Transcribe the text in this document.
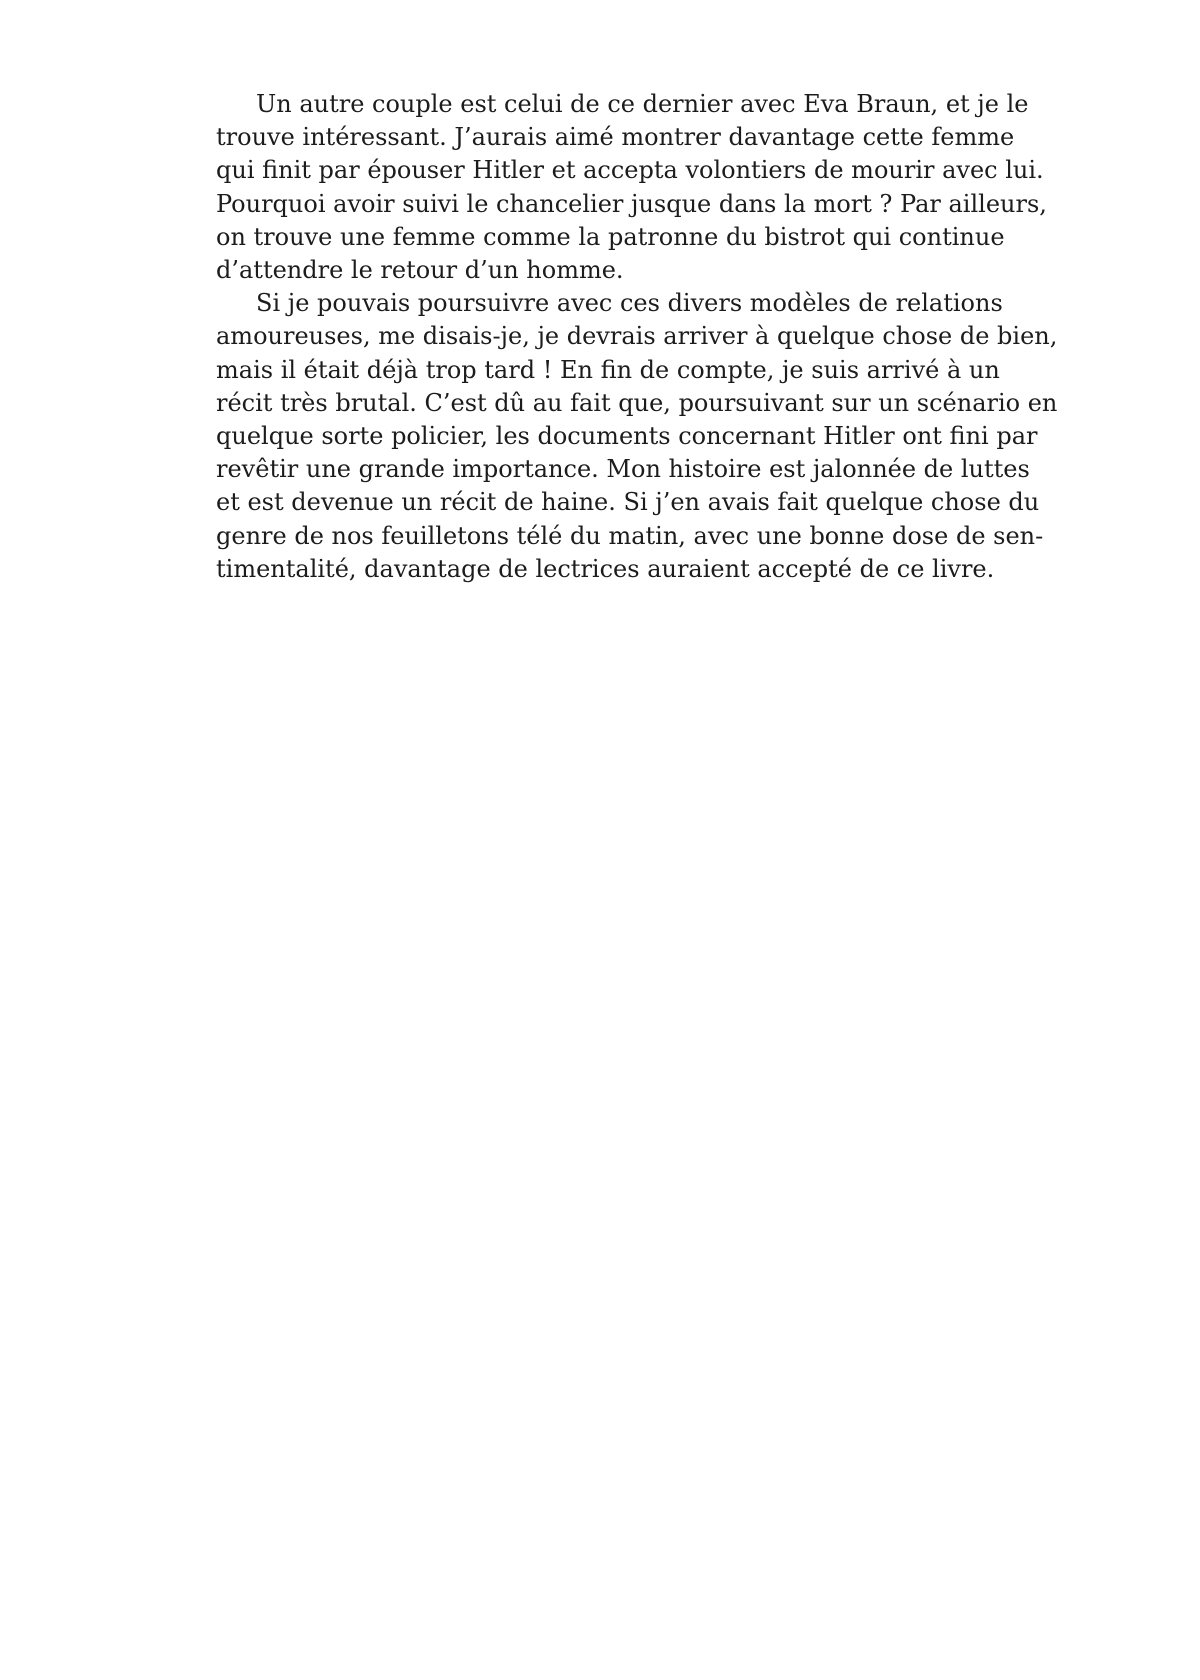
Un autre couple est celui de ce dernier avec Eva Braun, et je le
trouve intéressant. J’aurais aimé montrer davantage cette femme
qui finit par épouser Hitler et accepta volontiers de mourir avec lui.
Pourquoi avoir suivi le chancelier jusque dans la mort ? Par ailleurs,
on trouve une femme comme la patronne du bistrot qui continue
d’attendre le retour d’un homme.

Si je pouvais poursuivre avec ces divers modèles de relations
amoureuses, me disais-je, je devrais arriver à quelque chose de bien,
mais il était déjà trop tard ! En fin de compte, je suis arrivé à un
récit très brutal. C’est dû au fait que, poursuivant sur un scénario en
quelque sorte policier, les documents concernant Hitler ont fini par
revêtir une grande importance. Mon histoire est jalonnée de luttes
et est devenue un récit de haine. Si j’en avais fait quelque chose du
genre de nos feuilletons télé du matin, avec une bonne dose de sen-
timentalité, davantage de lectrices auraient accepté de ce livre.
